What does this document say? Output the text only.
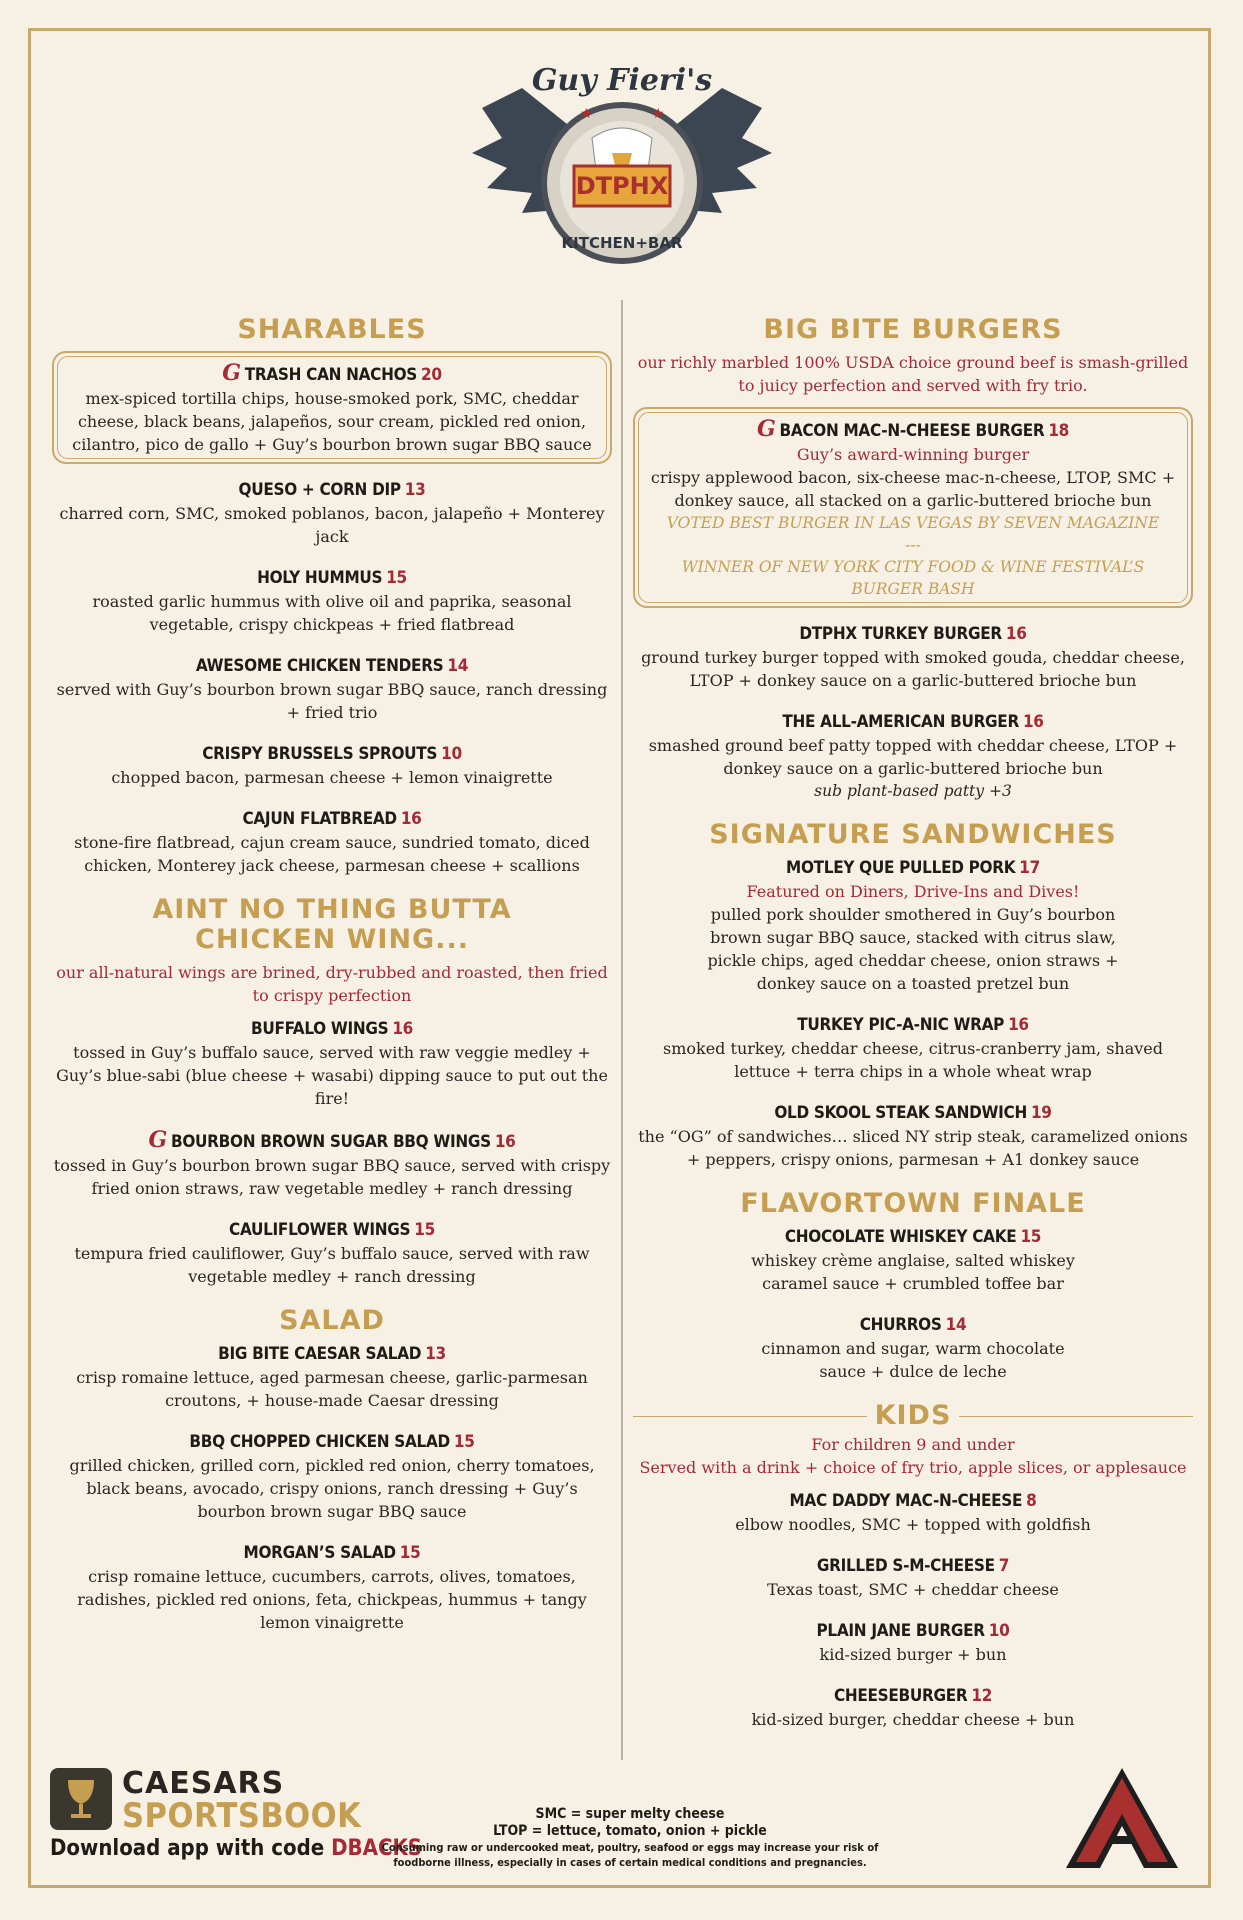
DTPHX
Guy Fieri's
KITCHEN+BAR
★	★
SHARABLES
G TRASH CAN NACHOS 20
mex-spiced tortilla chips, house-smoked pork, SMC, cheddar cheese, black beans, jalapeños, sour cream, pickled red onion, cilantro, pico de gallo + Guy’s bourbon brown sugar BBQ sauce
QUESO + CORN DIP 13
charred corn, SMC, smoked poblanos, bacon, jalapeño + Monterey jack
HOLY HUMMUS 15
roasted garlic hummus with olive oil and paprika, seasonal vegetable, crispy chickpeas + fried flatbread
AWESOME CHICKEN TENDERS 14
served with Guy’s bourbon brown sugar BBQ sauce, ranch dressing + fried trio
CRISPY BRUSSELS SPROUTS 10
chopped bacon, parmesan cheese + lemon vinaigrette
CAJUN FLATBREAD 16
stone-fire flatbread, cajun cream sauce, sundried tomato, diced chicken, Monterey jack cheese, parmesan cheese + scallions
AINT NO THING BUTTA CHICKEN WING...
our all-natural wings are brined, dry-rubbed and roasted, then fried to crispy perfection
BUFFALO WINGS 16
tossed in Guy’s buffalo sauce, served with raw veggie medley + Guy’s blue-sabi (blue cheese + wasabi) dipping sauce to put out the fire!
G BOURBON BROWN SUGAR BBQ WINGS 16
tossed in Guy’s bourbon brown sugar BBQ sauce, served with crispy fried onion straws, raw vegetable medley + ranch dressing
CAULIFLOWER WINGS 15
tempura fried cauliflower, Guy’s buffalo sauce, served with raw vegetable medley + ranch dressing
SALAD
BIG BITE CAESAR SALAD 13
crisp romaine lettuce, aged parmesan cheese, garlic-parmesan croutons, + house-made Caesar dressing
BBQ CHOPPED CHICKEN SALAD 15
grilled chicken, grilled corn, pickled red onion, cherry tomatoes, black beans, avocado, crispy onions, ranch dressing + Guy’s bourbon brown sugar BBQ sauce
MORGAN’S SALAD 15
crisp romaine lettuce, cucumbers, carrots, olives, tomatoes, radishes, pickled red onions, feta, chickpeas, hummus + tangy lemon vinaigrette
BIG BITE BURGERS
our richly marbled 100% USDA choice ground beef is smash-grilled to juicy perfection and served with fry trio.
G BACON MAC-N-CHEESE BURGER 18
Guy’s award-winning burger
crispy applewood bacon, six-cheese mac-n-cheese, LTOP, SMC + donkey sauce, all stacked on a garlic-buttered brioche bun
VOTED BEST BURGER IN LAS VEGAS BY SEVEN MAGAZINE
---
WINNER OF NEW YORK CITY FOOD & WINE FESTIVAL’S BURGER BASH
DTPHX TURKEY BURGER 16
ground turkey burger topped with smoked gouda, cheddar cheese, LTOP + donkey sauce on a garlic-buttered brioche bun
THE ALL-AMERICAN BURGER 16
smashed ground beef patty topped with cheddar cheese, LTOP + donkey sauce on a garlic-buttered brioche bun
sub plant-based patty +3
SIGNATURE SANDWICHES
MOTLEY QUE PULLED PORK 17
Featured on Diners, Drive-Ins and Dives!
pulled pork shoulder smothered in Guy’s bourbon brown sugar BBQ sauce, stacked with citrus slaw, pickle chips, aged cheddar cheese, onion straws + donkey sauce on a toasted pretzel bun
TURKEY PIC-A-NIC WRAP 16
smoked turkey, cheddar cheese, citrus-cranberry jam, shaved lettuce + terra chips in a whole wheat wrap
OLD SKOOL STEAK SANDWICH 19
the “OG” of sandwiches… sliced NY strip steak, caramelized onions + peppers, crispy onions, parmesan + A1 donkey sauce
FLAVORTOWN FINALE
CHOCOLATE WHISKEY CAKE 15
whiskey crème anglaise, salted whiskey caramel sauce + crumbled toffee bar
CHURROS 14
cinnamon and sugar, warm chocolate sauce + dulce de leche
KIDS
For children 9 and under
Served with a drink + choice of fry trio, apple slices, or applesauce
MAC DADDY MAC-N-CHEESE 8
elbow noodles, SMC + topped with goldfish
GRILLED S-M-CHEESE 7
Texas toast, SMC + cheddar cheese
PLAIN JANE BURGER 10
kid-sized burger + bun
CHEESEBURGER 12
kid-sized burger, cheddar cheese + bun
CAESARS
SPORTSBOOK
Download app with code DBACKS
SMC = super melty cheese
LTOP = lettuce, tomato, onion + pickle
Consuming raw or undercooked meat, poultry, seafood or eggs may increase your risk of foodborne illness, especially in cases of certain medical conditions and pregnancies.
